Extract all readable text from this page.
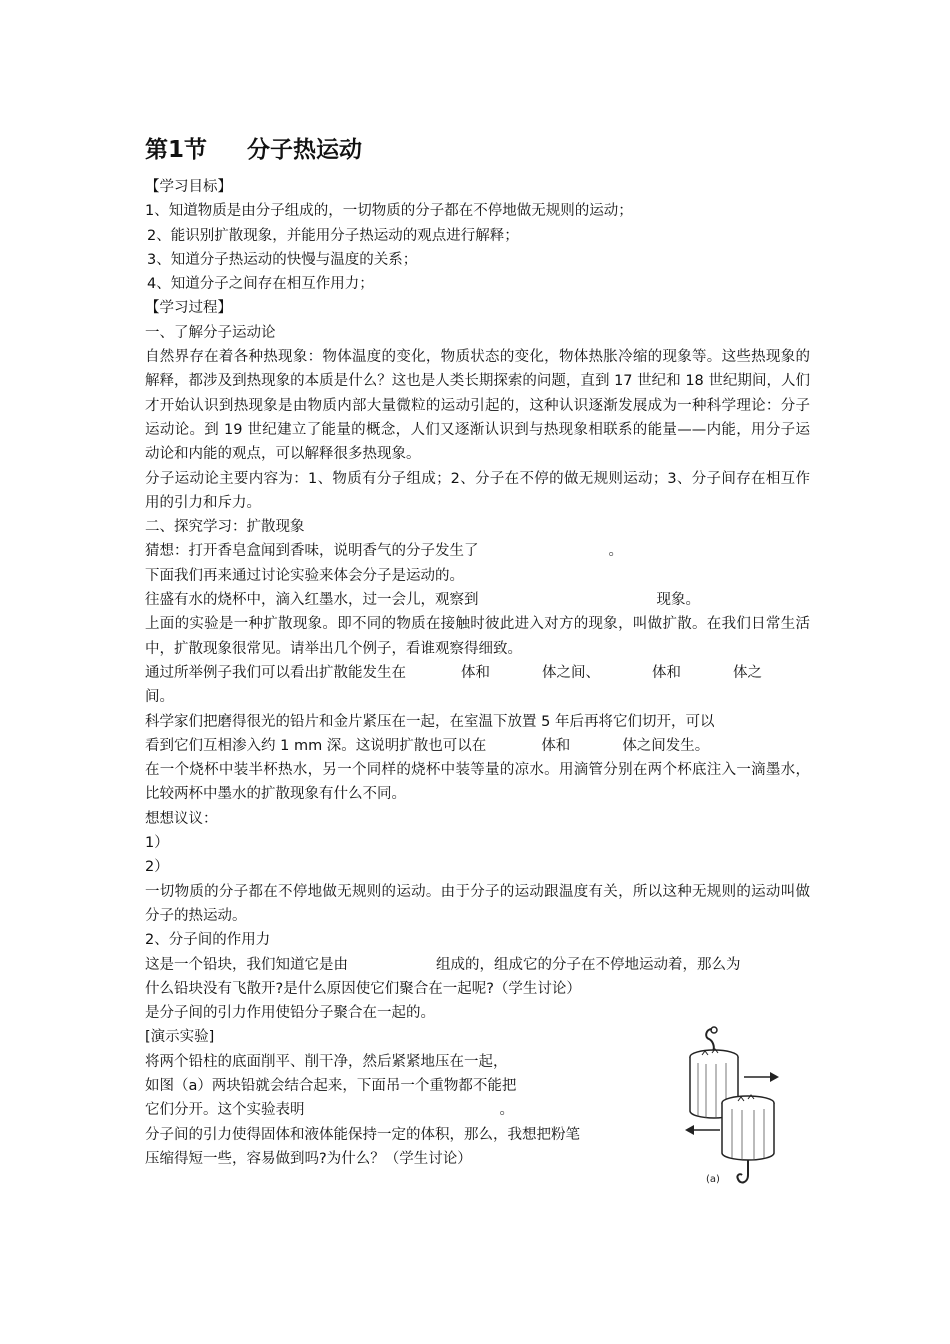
第1节 分子热运动
【学习目标】
1、知道物质是由分子组成的，一切物质的分子都在不停地做无规则的运动；
2、能识别扩散现象，并能用分子热运动的观点进行解释；
3、知道分子热运动的快慢与温度的关系；
4、知道分子之间存在相互作用力；
【学习过程】
一、了解分子运动论
自然界存在着各种热现象：物体温度的变化，物质状态的变化，物体热胀冷缩的现象等。这些热现象的解释，都涉及到热现象的本质是什么？这也是人类长期探索的问题，直到 17 世纪和 18 世纪期间，人们才开始认识到热现象是由物质内部大量微粒的运动引起的，这种认识逐渐发展成为一种科学理论：分子运动论。到 19 世纪建立了能量的概念，人们又逐渐认识到与热现象相联系的能量——内能，用分子运动论和内能的观点，可以解释很多热现象。
分子运动论主要内容为：1、物质有分子组成；2、分子在不停的做无规则运动；3、分子间存在相互作用的引力和斥力。
二、探究学习：扩散现象
猜想：打开香皂盒闻到香味，说明香气的分子发生了	。
下面我们再来通过讨论实验来体会分子是运动的。
往盛有水的烧杯中，滴入红墨水，过一会儿，观察到	现象。
上面的实验是一种扩散现象。即不同的物质在接触时彼此进入对方的现象，叫做扩散。在我们日常生活中，扩散现象很常见。请举出几个例子，看谁观察得细致。
通过所举例子我们可以看出扩散能发生在	体和	体之间、	体和	体之
间。
科学家们把磨得很光的铅片和金片紧压在一起，在室温下放置 5 年后再将它们切开，可以
看到它们互相渗入约 1 mm 深。这说明扩散也可以在	体和	体之间发生。
在一个烧杯中装半杯热水，另一个同样的烧杯中装等量的凉水。用滴管分别在两个杯底注入一滴墨水，比较两杯中墨水的扩散现象有什么不同。
想想议议：
1）
2）
一切物质的分子都在不停地做无规则的运动。由于分子的运动跟温度有关，所以这种无规则的运动叫做分子的热运动。
2、分子间的作用力
这是一个铅块，我们知道它是由	组成的，组成它的分子在不停地运动着，那么为
什么铅块没有飞散开?是什么原因使它们聚合在一起呢?（学生讨论）
是分子间的引力作用使铅分子聚合在一起的。
[演示实验]
将两个铅柱的底面削平、削干净，然后紧紧地压在一起，
如图（a）两块铅就会结合起来，下面吊一个重物都不能把
它们分开。这个实验表明	。
分子间的引力使得固体和液体能保持一定的体积，那么，我想把粉笔
压缩得短一些，容易做到吗?为什么？（学生讨论）
(a)
